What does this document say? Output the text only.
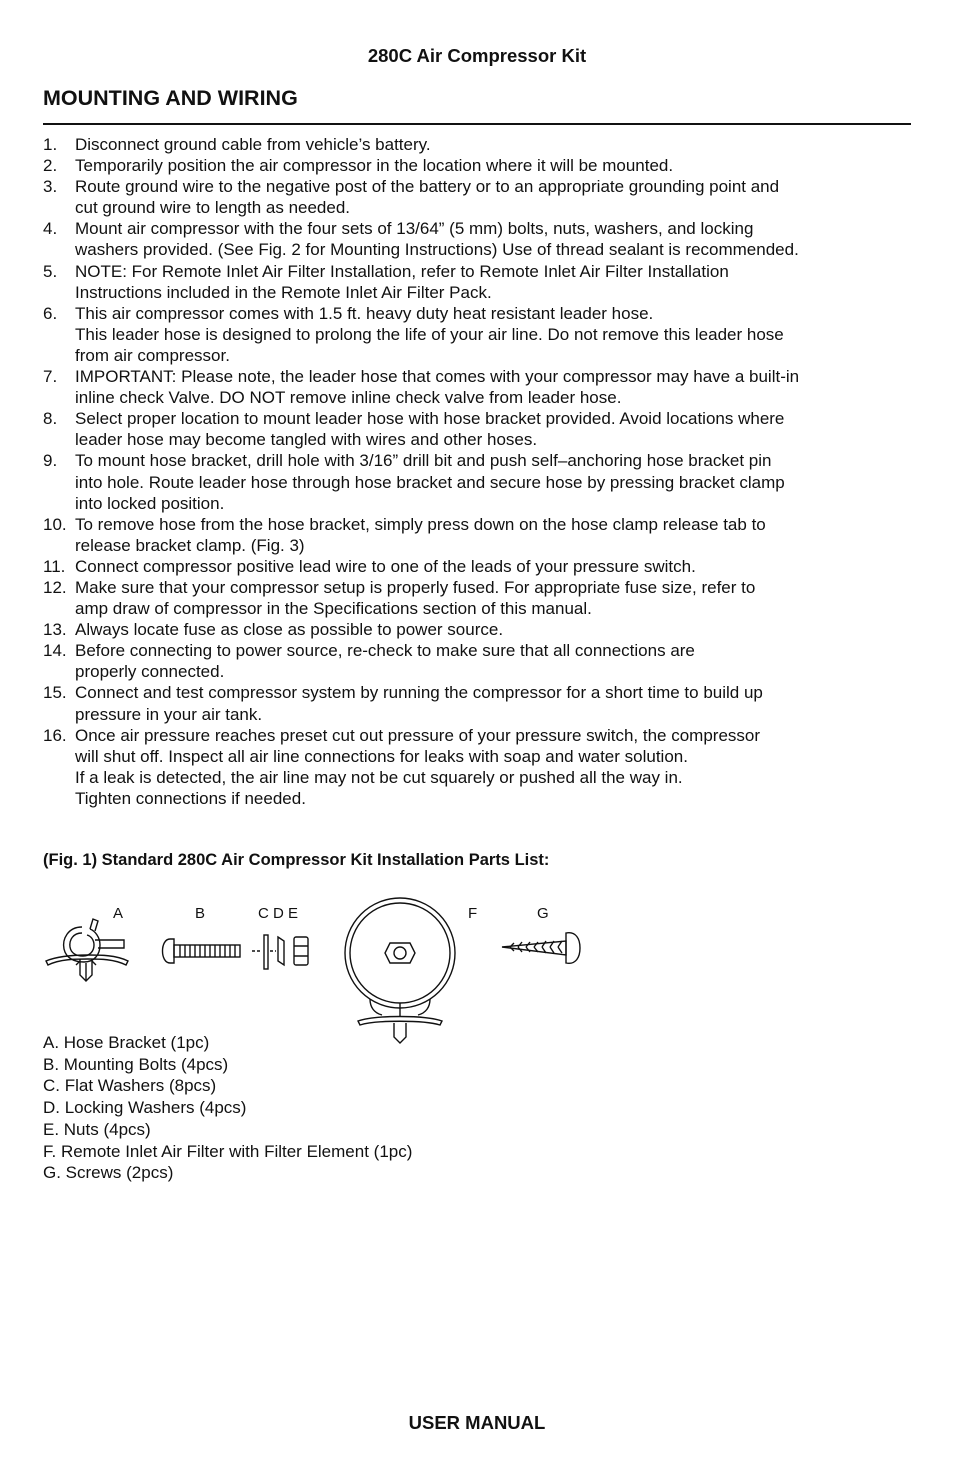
280C Air Compressor Kit
MOUNTING AND WIRING
1.	Disconnect ground cable from vehicle’s battery.
2.	Temporarily position the air compressor in the location where it will be mounted.
3.	Route ground wire to the negative post of the battery or to an appropriate grounding point and
cut ground wire to length as needed.
4.	Mount air compressor with the four sets of 13/64” (5 mm) bolts, nuts, washers, and locking
washers provided. (See Fig. 2 for Mounting Instructions) Use of thread sealant is recommended.
5.	NOTE: For Remote Inlet Air Filter Installation, refer to Remote Inlet Air Filter Installation
Instructions included in the Remote Inlet Air Filter Pack.
6.	This air compressor comes with 1.5 ft. heavy duty heat resistant leader hose.
This leader hose is designed to prolong the life of your air line. Do not remove this leader hose
from air compressor.
7.	IMPORTANT: Please note, the leader hose that comes with your compressor may have a built-in
inline check Valve. DO NOT remove inline check valve from leader hose.
8.	Select proper location to mount leader hose with hose bracket provided. Avoid locations where
leader hose may become tangled with wires and other hoses.
9.	To mount hose bracket, drill hole with 3/16” drill bit and push self–anchoring hose bracket pin
into hole. Route leader hose through hose bracket and secure hose by pressing bracket clamp
into locked position.
10. To remove hose from the hose bracket, simply press down on the hose clamp release tab to
release bracket clamp. (Fig. 3)
11. Connect compressor positive lead wire to one of the leads of your pressure switch.
12. Make sure that your compressor setup is properly fused. For appropriate fuse size, refer to
amp draw of compressor in the Specifications section of this manual.
13. Always locate fuse as close as possible to power source.
14. Before connecting to power source, re-check to make sure that all connections are
properly connected.
15. Connect and test compressor system by running the compressor for a short time to build up
pressure in your air tank.
16. Once air pressure reaches preset cut out pressure of your pressure switch, the compressor
will shut off. Inspect all air line connections for leaks with soap and water solution.
If a leak is detected, the air line may not be cut squarely or pushed all the way in.
Tighten connections if needed.
(Fig. 1) Standard 280C Air Compressor Kit Installation Parts List:
A	B	C D E	F	G
A. Hose Bracket (1pc)
B. Mounting Bolts (4pcs)
C. Flat Washers (8pcs)
D. Locking Washers (4pcs)
E. Nuts (4pcs)
F. Remote Inlet Air Filter with Filter Element (1pc)
G. Screws (2pcs)
USER MANUAL
